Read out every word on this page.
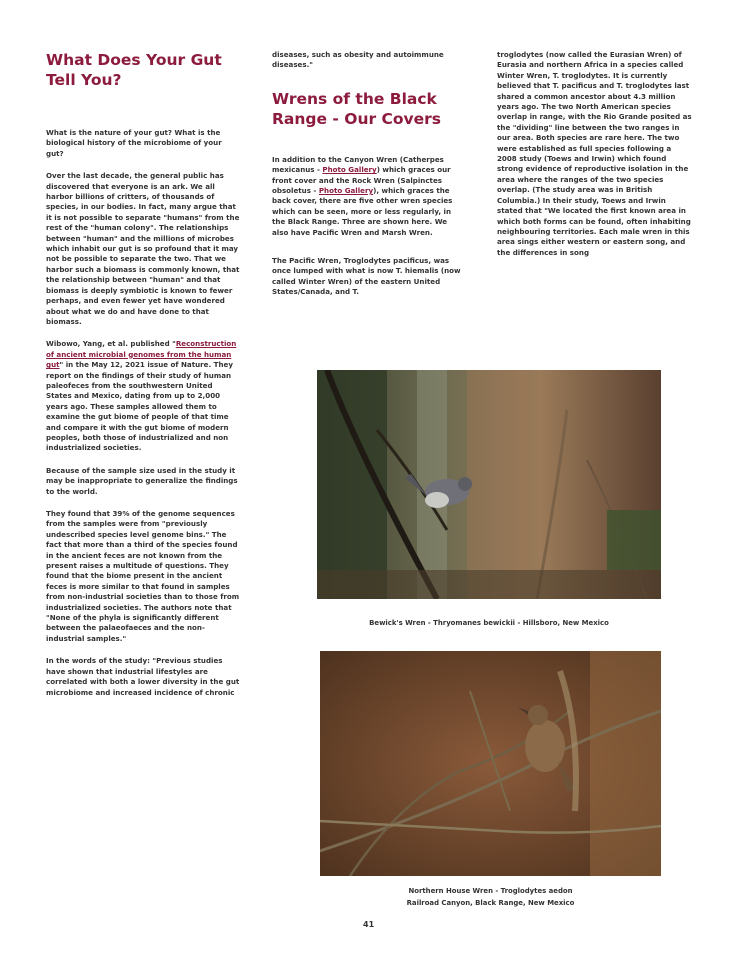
What Does Your Gut Tell You?

What is the nature of your gut? What is the biological history of the microbiome of your gut?

Over the last decade, the general public has discovered that everyone is an ark. We all harbor billions of critters, of thousands of species, in our bodies. In fact, many argue that it is not possible to separate "humans" from the rest of the "human colony". The relationships between "human" and the millions of microbes which inhabit our gut is so profound that it may not be possible to separate the two. That we harbor such a biomass is commonly known, that the relationship between "human" and that biomass is deeply symbiotic is known to fewer perhaps, and even fewer yet have wondered about what we do and have done to that biomass.

Wibowo, Yang, et al. published "Reconstruction of ancient microbial genomes from the human gut" in the May 12, 2021 issue of Nature. They report on the findings of their study of human paleofeces from the southwestern United States and Mexico, dating from up to 2,000 years ago. These samples allowed them to examine the gut biome of people of that time and compare it with the gut biome of modern peoples, both those of industrialized and non industrialized societies.

Because of the sample size used in the study it may be inappropriate to generalize the findings to the world.

They found that 39% of the genome sequences from the samples were from "previously undescribed species level genome bins." The fact that more than a third of the species found in the ancient feces are not known from the present raises a multitude of questions. They found that the biome present in the ancient feces is more similar to that found in samples from non-industrial societies than to those from industrialized societies. The authors note that "None of the phyla is significantly different between the palaeofaeces and the non-industrial samples."

In the words of the study: "Previous studies have shown that industrial lifestyles are correlated with both a lower diversity in the gut microbiome and increased incidence of chronic

diseases, such as obesity and autoimmune diseases."

Wrens of the Black Range - Our Covers

In addition to the Canyon Wren (Catherpes mexicanus - Photo Gallery) which graces our front cover and the Rock Wren (Salpinctes obsoletus - Photo Gallery), which graces the back cover, there are five other wren species which can be seen, more or less regularly, in the Black Range. Three are shown here. We also have Pacific Wren and Marsh Wren.

The Pacific Wren, Troglodytes pacificus, was once lumped with what is now T. hiemalis (now called Winter Wren) of the eastern United States/Canada, and T.

troglodytes (now called the Eurasian Wren) of Eurasia and northern Africa in a species called Winter Wren, T. troglodytes. It is currently believed that T. pacificus and T. troglodytes last shared a common ancestor about 4.3 million years ago. The two North American species overlap in range, with the Rio Grande posited as the "dividing" line between the two ranges in our area. Both species are rare here. The two were established as full species following a 2008 study (Toews and Irwin) which found strong evidence of reproductive isolation in the area where the ranges of the two species overlap. (The study area was in British Columbia.) In their study, Toews and Irwin stated that "We located the first known area in which both forms can be found, often inhabiting neighbouring territories. Each male wren in this area sings either western or eastern song, and the differences in song

Bewick's Wren - Thryomanes bewickii - Hillsboro, New Mexico
Northern House Wren - Troglodytes aedon
Railroad Canyon, Black Range, New Mexico
41
